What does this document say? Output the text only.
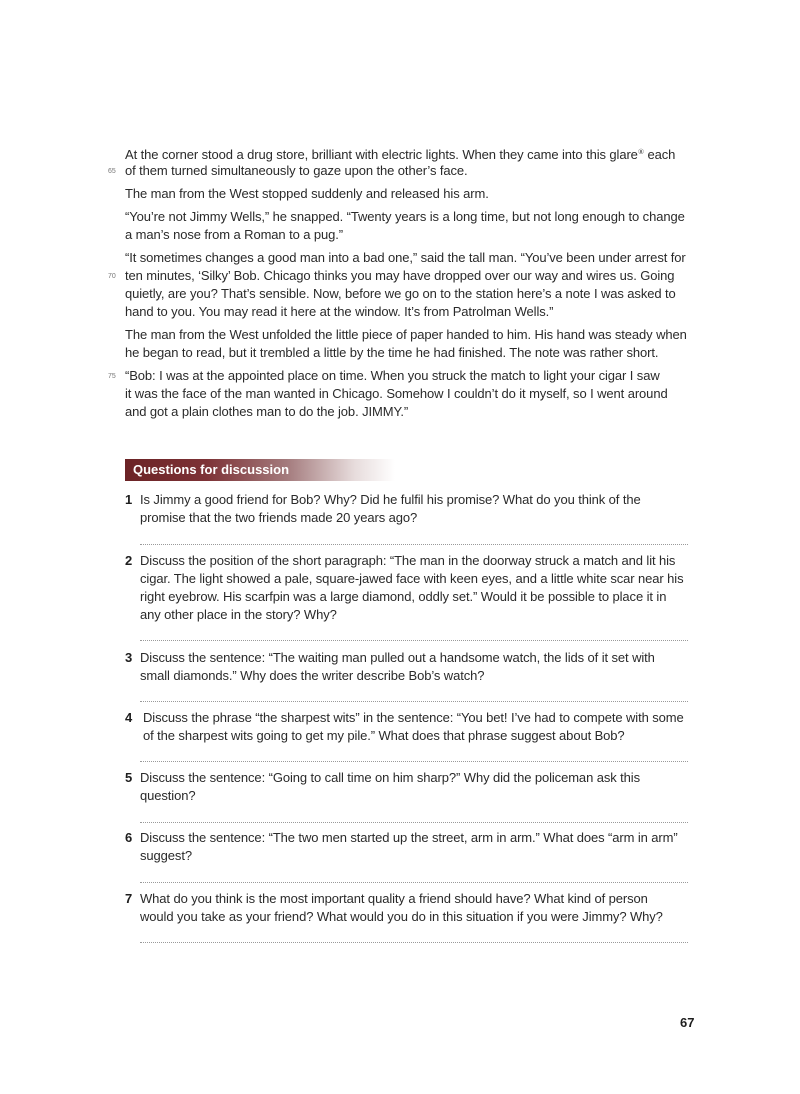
At the corner stood a drug store, brilliant with electric lights. When they came into this glare⑧ each
65 of them turned simultaneously to gaze upon the other’s face.
The man from the West stopped suddenly and released his arm.
“You’re not Jimmy Wells,” he snapped. “Twenty years is a long time, but not long enough to change
a man’s nose from a Roman to a pug.”
“It sometimes changes a good man into a bad one,” said the tall man. “You’ve been under arrest for
70 ten minutes, ‘Silky’ Bob. Chicago thinks you may have dropped over our way and wires us. Going
quietly, are you? That’s sensible. Now, before we go on to the station here’s a note I was asked to
hand to you. You may read it here at the window. It’s from Patrolman Wells.”
The man from the West unfolded the little piece of paper handed to him. His hand was steady when
he began to read, but it trembled a little by the time he had finished. The note was rather short.
75 “Bob: I was at the appointed place on time. When you struck the match to light your cigar I saw
it was the face of the man wanted in Chicago. Somehow I couldn’t do it myself, so I went around
and got a plain clothes man to do the job. JIMMY.”
Questions for discussion
1 Is Jimmy a good friend for Bob? Why? Did he fulfil his promise? What do you think of the
promise that the two friends made 20 years ago?
2 Discuss the position of the short paragraph: “The man in the doorway struck a match and lit his
cigar. The light showed a pale, square-jawed face with keen eyes, and a little white scar near his
right eyebrow. His scarfpin was a large diamond, oddly set.” Would it be possible to place it in
any other place in the story? Why?
3 Discuss the sentence: “The waiting man pulled out a handsome watch, the lids of it set with
small diamonds.” Why does the writer describe Bob’s watch?
4 Discuss the phrase “the sharpest wits” in the sentence: “You bet! I’ve had to compete with some
of the sharpest wits going to get my pile.” What does that phrase suggest about Bob?
5 Discuss the sentence: “Going to call time on him sharp?” Why did the policeman ask this
question?
6 Discuss the sentence: “The two men started up the street, arm in arm.” What does “arm in arm”
suggest?
7 What do you think is the most important quality a friend should have? What kind of person
would you take as your friend? What would you do in this situation if you were Jimmy? Why?
67
